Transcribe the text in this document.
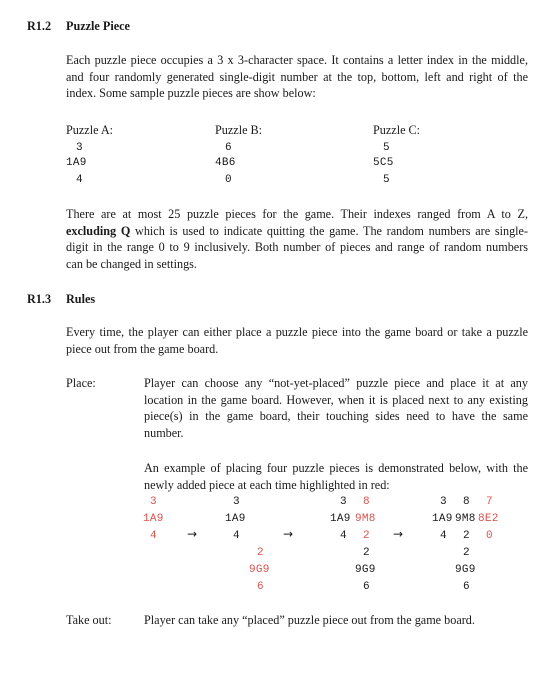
R1.2 Puzzle Piece
Each puzzle piece occupies a 3 x 3-character space. It contains a letter index in the middle,
and four randomly generated single-digit number at the top, bottom, left and right of the
index. Some sample puzzle pieces are show below:
Puzzle A:
3
1A9
4
Puzzle B:
6
4B6
0
Puzzle C:
5
5C5
5
There are at most 25 puzzle pieces for the game. Their indexes ranged from A to Z,
excluding Q which is used to indicate quitting the game. The random numbers are single-
digit in the range 0 to 9 inclusively. Both number of pieces and range of random numbers
can be changed in settings.
R1.3 Rules
Every time, the player can either place a puzzle piece into the game board or take a puzzle
piece out from the game board.
Place:	Player can choose any “not-yet-placed” puzzle piece and place it at any
location in the game board. However, when it is placed next to any existing
piece(s) in the game board, their touching sides need to have the same
number.
An example of placing four puzzle pieces is demonstrated below, with the
newly added piece at each time highlighted in red:
3
1A9
4	→
3
1A9
4
2
9G9
6
→
3 8
1A9 9M8
4 2
2
9G9
6
→
3 8 7
1A9 9M8 8E2
4 2 0
2
9G9
6
Take out:	Player can take any “placed” puzzle piece out from the game board.
